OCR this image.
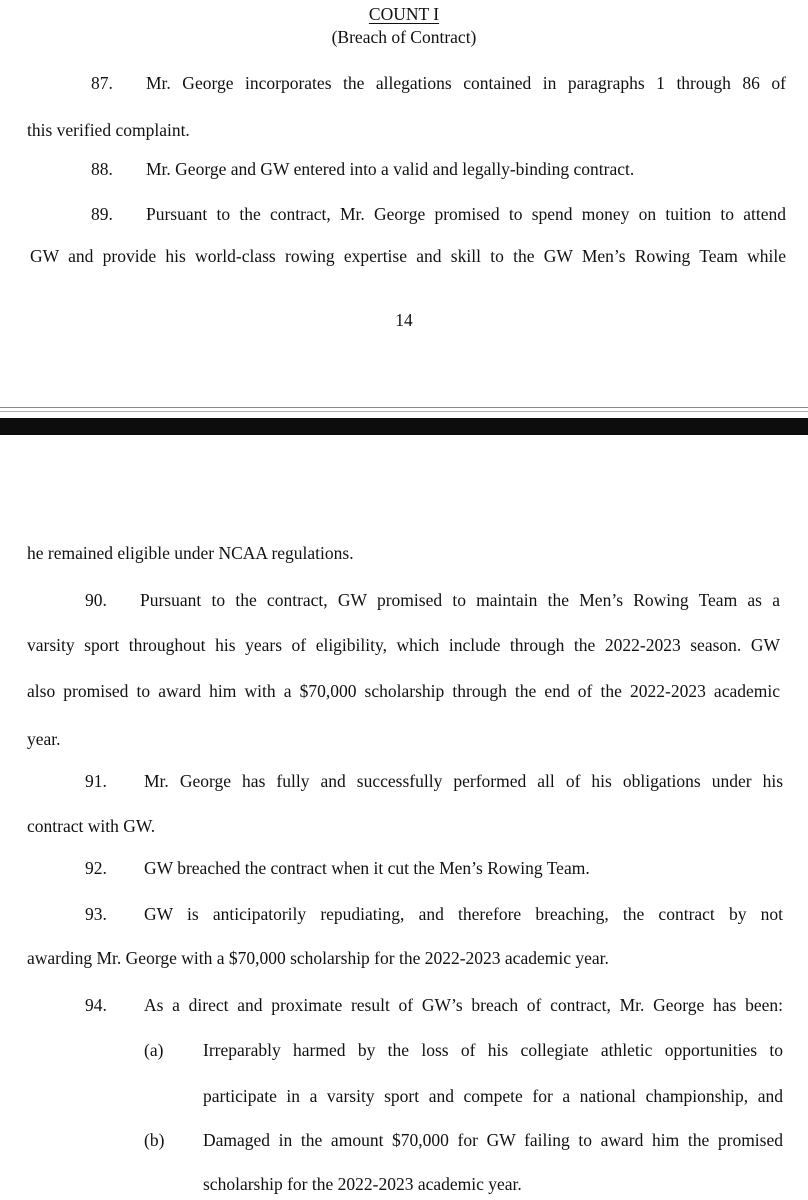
COUNT I
(Breach of Contract)
87. Mr. George incorporates the allegations contained in paragraphs 1 through 86 of
this verified complaint.
88. Mr. George and GW entered into a valid and legally-binding contract.
89. Pursuant to the contract, Mr. George promised to spend money on tuition to attend
GW and provide his world-class rowing expertise and skill to the GW Men’s Rowing Team while
14
he remained eligible under NCAA regulations.
90. Pursuant to the contract, GW promised to maintain the Men’s Rowing Team as a
varsity sport throughout his years of eligibility, which include through the 2022-2023 season. GW
also promised to award him with a $70,000 scholarship through the end of the 2022-2023 academic
year.
91. Mr. George has fully and successfully performed all of his obligations under his
contract with GW.
92. GW breached the contract when it cut the Men’s Rowing Team.
93. GW is anticipatorily repudiating, and therefore breaching, the contract by not
awarding Mr. George with a $70,000 scholarship for the 2022-2023 academic year.
94. As a direct and proximate result of GW’s breach of contract, Mr. George has been:
(a) Irreparably harmed by the loss of his collegiate athletic opportunities to
participate in a varsity sport and compete for a national championship, and
(b) Damaged in the amount $70,000 for GW failing to award him the promised
scholarship for the 2022-2023 academic year.
